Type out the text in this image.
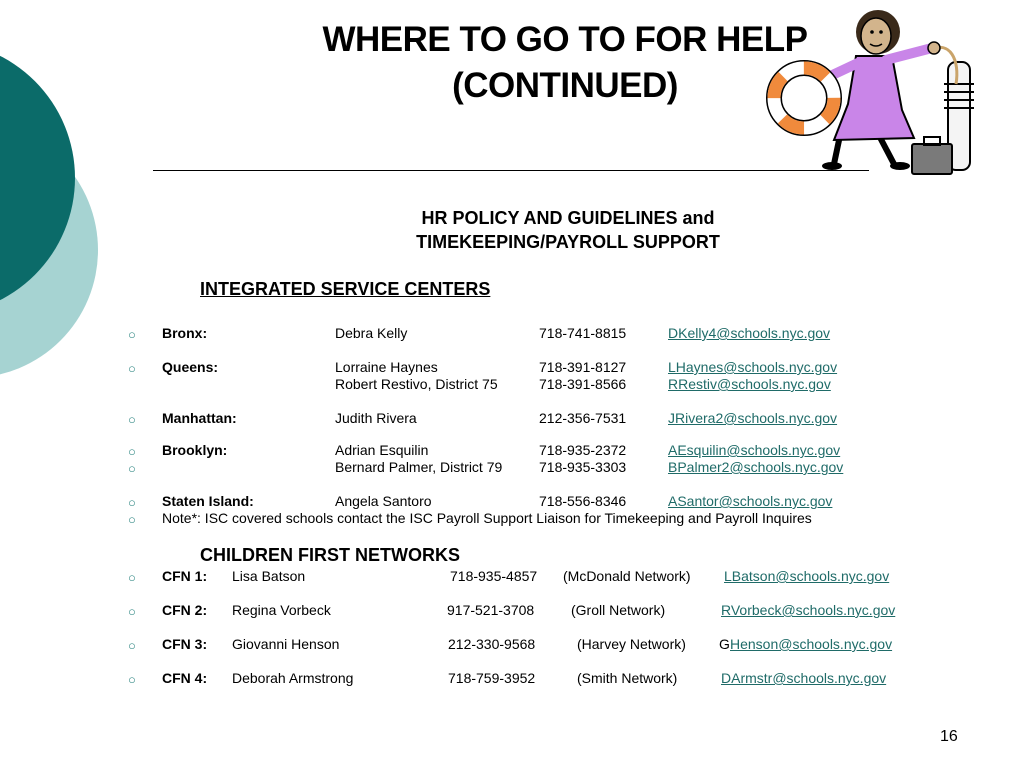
WHERE TO GO TO FOR HELP
(CONTINUED)
HR POLICY AND GUIDELINES and
TIMEKEEPING/PAYROLL SUPPORT
INTEGRATED SERVICE CENTERS
○ Bronx:	Debra Kelly	718-741-8815	DKelly4@schools.nyc.gov
○ Queens:	Lorraine Haynes	718-391-8127	LHaynes@schools.nyc.gov
Robert Restivo, District 75	718-391-8566	RRestiv@schools.nyc.gov
○ Manhattan:	Judith Rivera	212-356-7531	JRivera2@schools.nyc.gov
○ Brooklyn:	Adrian Esquilin	718-935-2372	AEsquilin@schools.nyc.gov
○	Bernard Palmer, District 79	718-935-3303	BPalmer2@schools.nyc.gov
○ Staten Island:	Angela Santoro	718-556-8346	ASantor@schools.nyc.gov
○ Note*: ISC covered schools contact the ISC Payroll Support Liaison for Timekeeping and Payroll Inquires
CHILDREN FIRST NETWORKS
○ CFN 1: Lisa Batson	718-935-4857 (McDonald Network) LBatson@schools.nyc.gov
○ CFN 2: Regina Vorbeck	917-521-3708	(Groll Network)	RVorbeck@schools.nyc.gov
○ CFN 3: Giovanni Henson	212-330-9568	(Harvey Network) G Henson@schools.nyc.gov
○ CFN 4: Deborah Armstrong	718-759-3952	(Smith Network)	DArmstr@schools.nyc.gov
16
